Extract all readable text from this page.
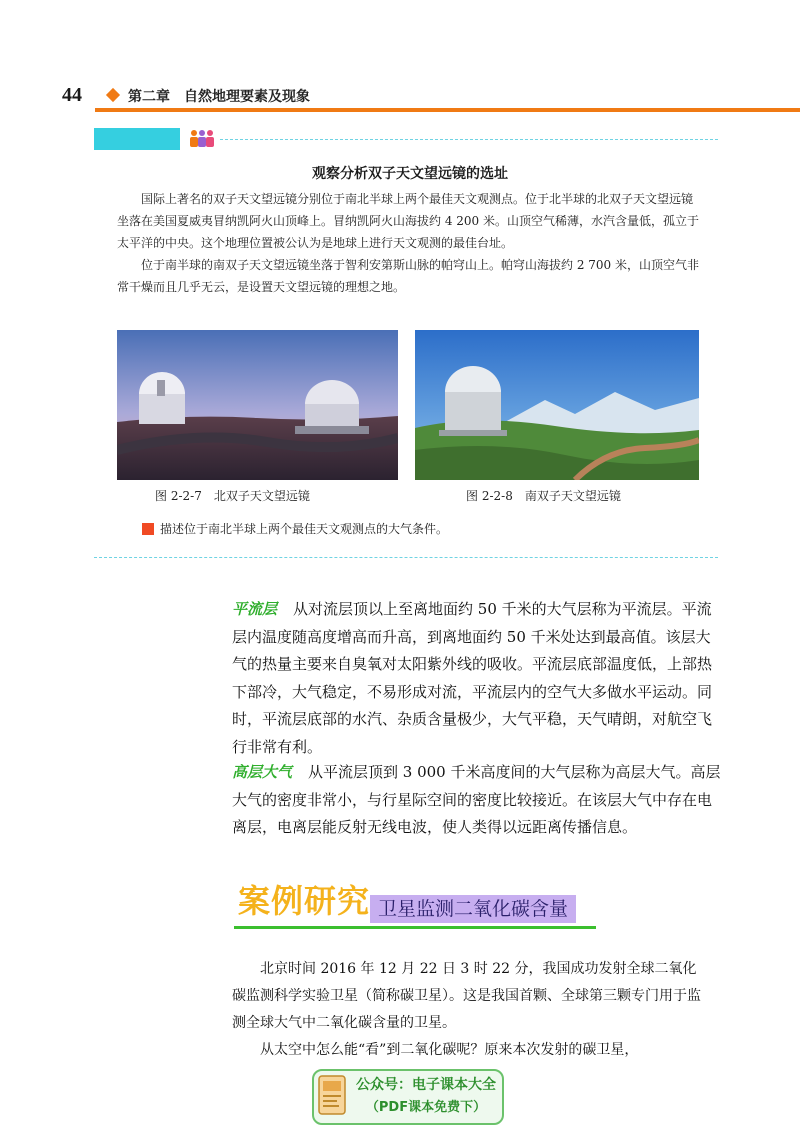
44	第二章 自然地理要素及现象
观察分析双子天文望远镜的选址

国际上著名的双子天文望远镜分别位于南北半球上两个最佳天文观测点。位于北半球的北双子天文望远镜坐落在美国夏威夷冒纳凯阿火山顶峰上。冒纳凯阿火山海拔约 4 200 米。山顶空气稀薄，水汽含量低，孤立于太平洋的中央。这个地理位置被公认为是地球上进行天文观测的最佳台址。

位于南半球的南双子天文望远镜坐落于智利安第斯山脉的帕穹山上。帕穹山海拔约 2 700 米，山顶空气非常干燥而且几乎无云，是设置天文望远镜的理想之地。

图 2-2-7　北双子天文望远镜	图 2-2-8　南双子天文望远镜
描述位于南北半球上两个最佳天文观测点的大气条件。

平流层 从对流层顶以上至离地面约 50 千米的大气层称为平流层。平流层内温度随高度增高而升高，到离地面约 50 千米处达到最高值。该层大气的热量主要来自臭氧对太阳紫外线的吸收。平流层底部温度低，上部热下部冷，大气稳定，不易形成对流，平流层内的空气大多做水平运动。同时，平流层底部的水汽、杂质含量极少，大气平稳，天气晴朗，对航空飞行非常有利。

高层大气 从平流层顶到 3 000 千米高度间的大气层称为高层大气。高层大气的密度非常小，与行星际空间的密度比较接近。在该层大气中存在电离层，电离层能反射无线电波，使人类得以远距离传播信息。

案例研究 卫星监测二氧化碳含量

北京时间 2016 年 12 月 22 日 3 时 22 分，我国成功发射全球二氧化碳监测科学实验卫星（简称碳卫星）。这是我国首颗、全球第三颗专门用于监测全球大气中二氧化碳含量的卫星。

从太空中怎么能“看”到二氧化碳呢？原来本次发射的碳卫星，

公众号：电子课本大全
（PDF课本免费下）
